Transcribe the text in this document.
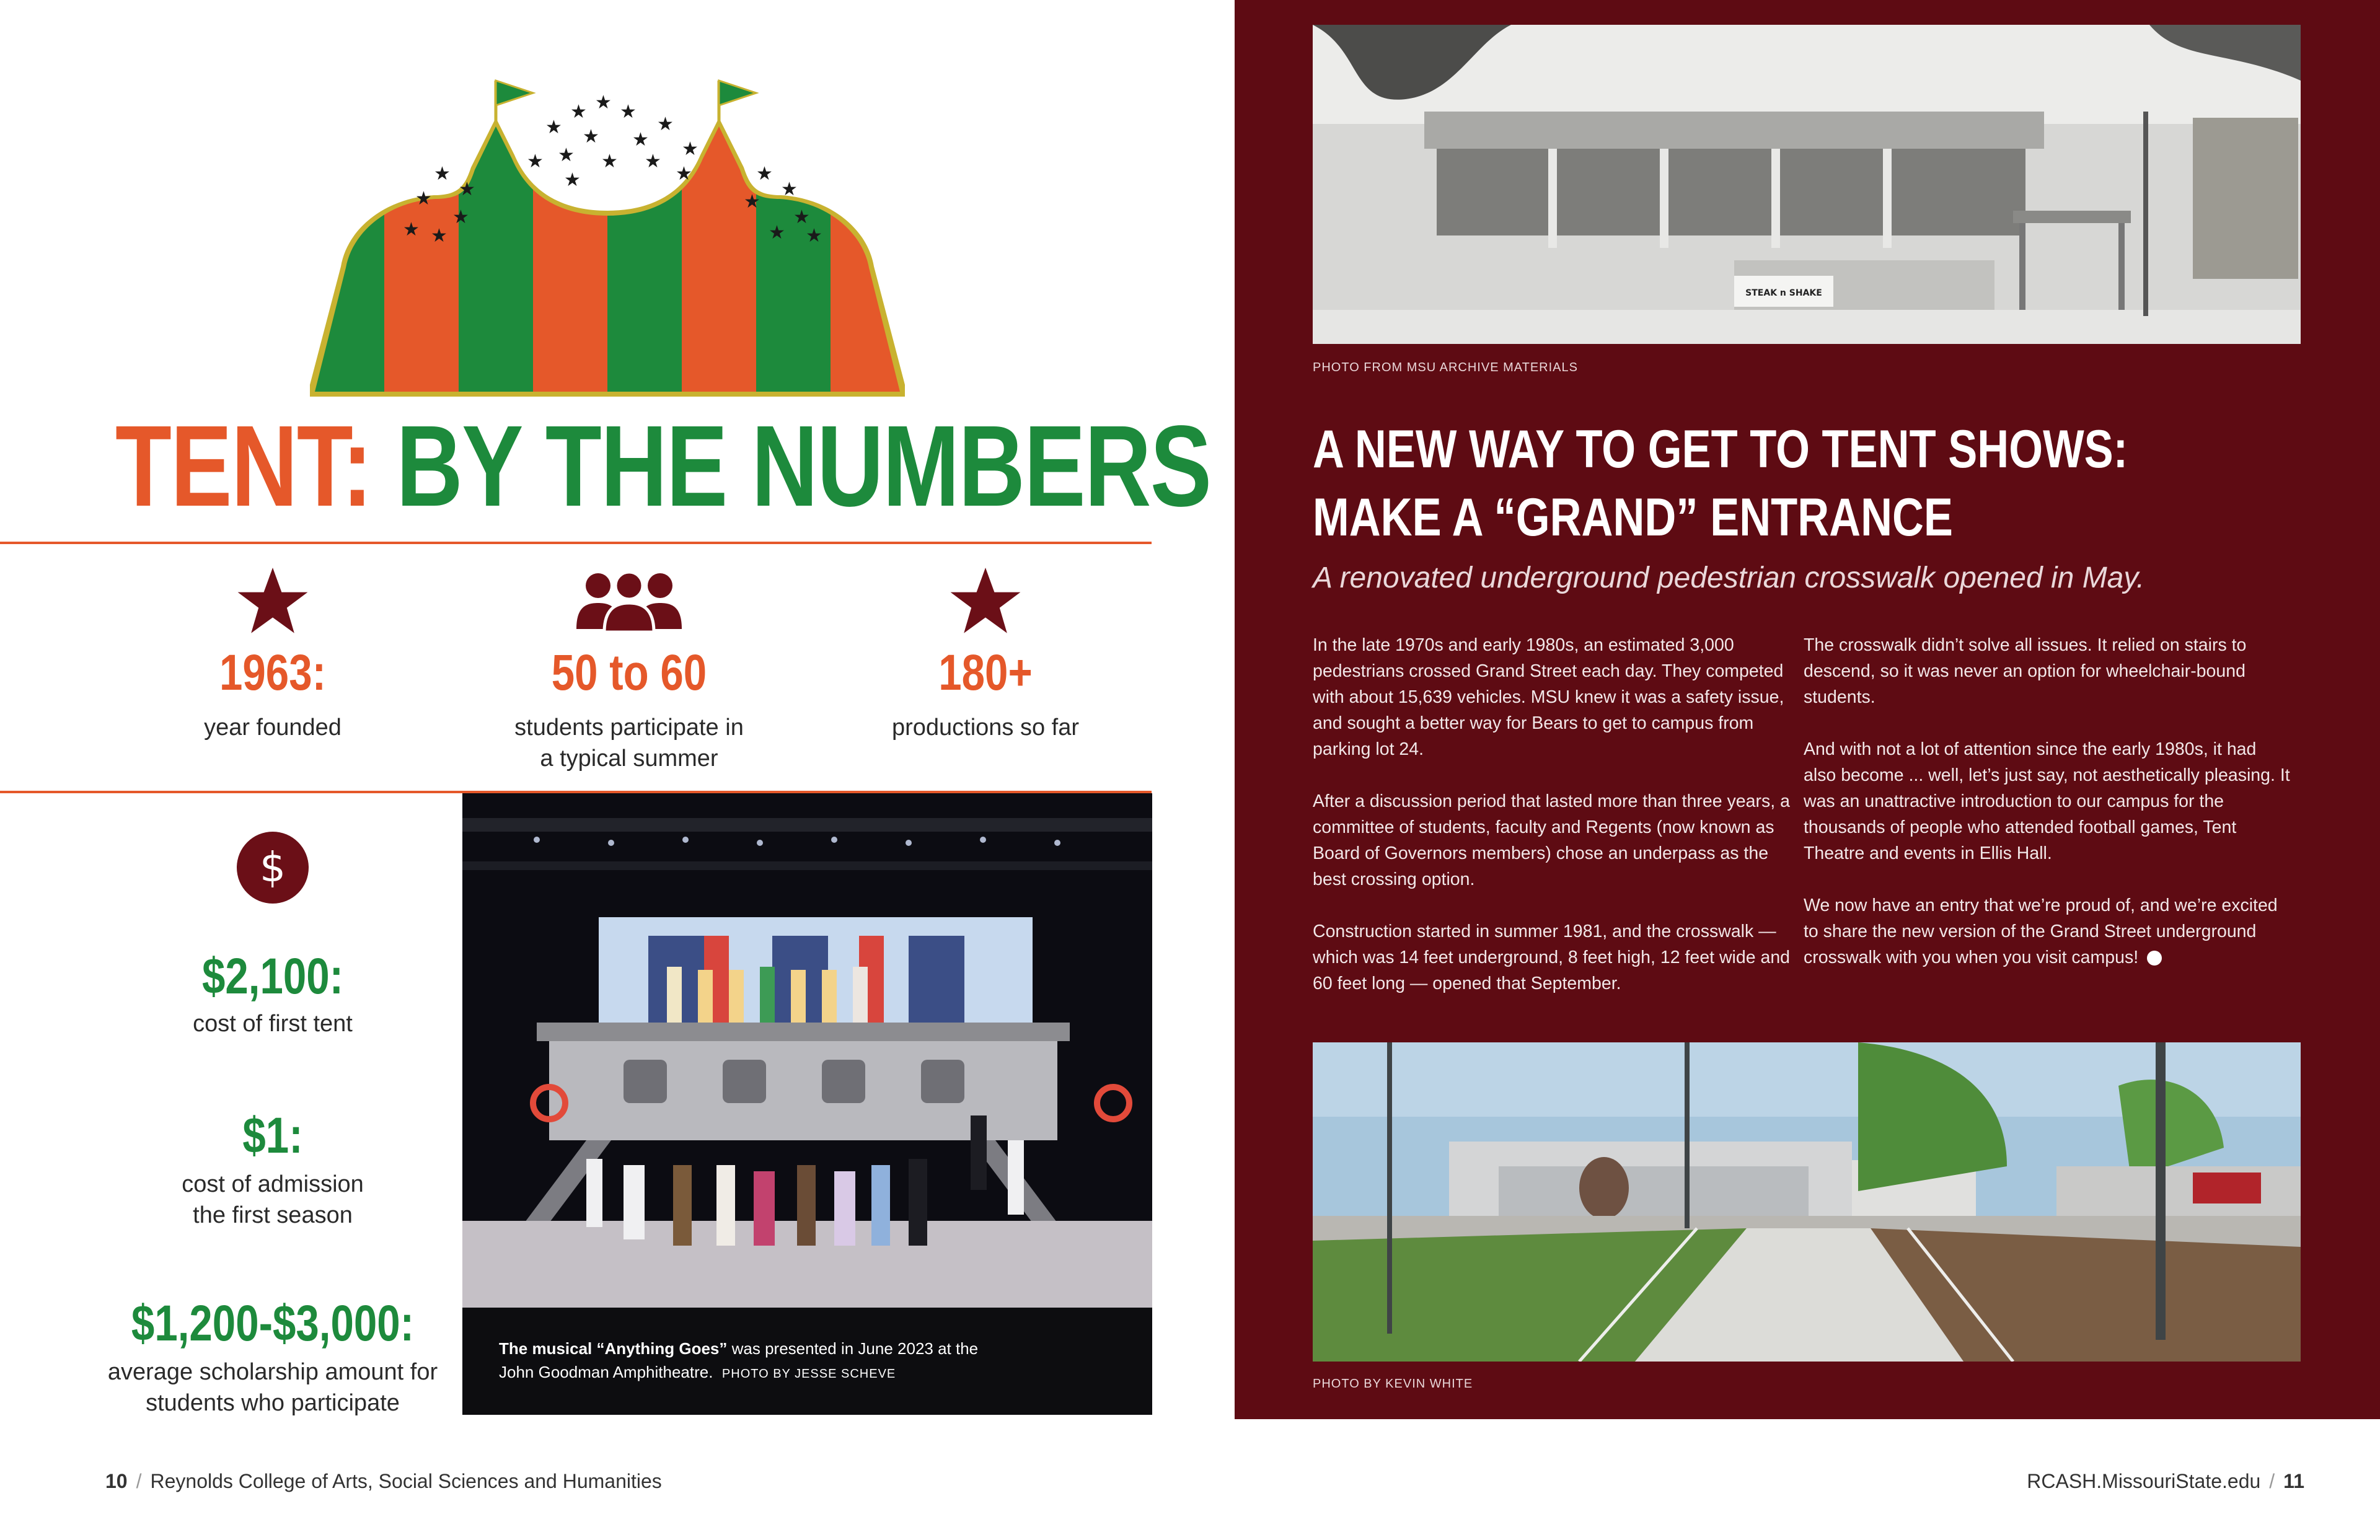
★ ★ ★
★ ★ ★
★
★ ★ ★
★
★
★
★
★
★
★
★
★ ★
★
★
★
★
★ ★
TENT: BY THE NUMBERS
1963:
year founded
50 to 60
students participate in
a typical summer
180+
productions so far
$
$2,100:
cost of first tent
$1:
cost of admission
the first season
$1,200-$3,000:
average scholarship amount for
students who participate
The musical “Anything Goes” was presented in June 2023 at the
John Goodman Amphitheatre. PHOTO BY JESSE SCHEVE
STEAK n SHAKE
PHOTO FROM MSU ARCHIVE MATERIALS
A NEW WAY TO GET TO TENT SHOWS:
MAKE A “GRAND” ENTRANCE
A renovated underground pedestrian crosswalk opened in May.

In the late 1970s and early 1980s, an estimated 3,000 pedestrians crossed Grand Street each day. They competed with about 15,639 vehicles. MSU knew it was a safety issue, and sought a better way for Bears to get to campus from parking lot 24.

After a discussion period that lasted more than three years, a committee of students, faculty and Regents (now known as Board of Governors members) chose an underpass as the best crossing option.

Construction started in summer 1981, and the crosswalk — which was 14 feet underground, 8 feet high, 12 feet wide and 60 feet long — opened that September.

The crosswalk didn’t solve all issues. It relied on stairs to descend, so it was never an option for wheelchair-bound students.

And with not a lot of attention since the early 1980s, it had also become ... well, let’s just say, not aesthetically pleasing. It was an unattractive introduction to our campus for the thousands of people who attended football games, Tent Theatre and events in Ellis Hall.

We now have an entry that we’re proud of, and we’re excited to share the new version of the Grand Street underground crosswalk with you when you visit campus!

PHOTO BY KEVIN WHITE
10 / Reynolds College of Arts, Social Sciences and Humanities	RCASH.MissouriState.edu / 11
